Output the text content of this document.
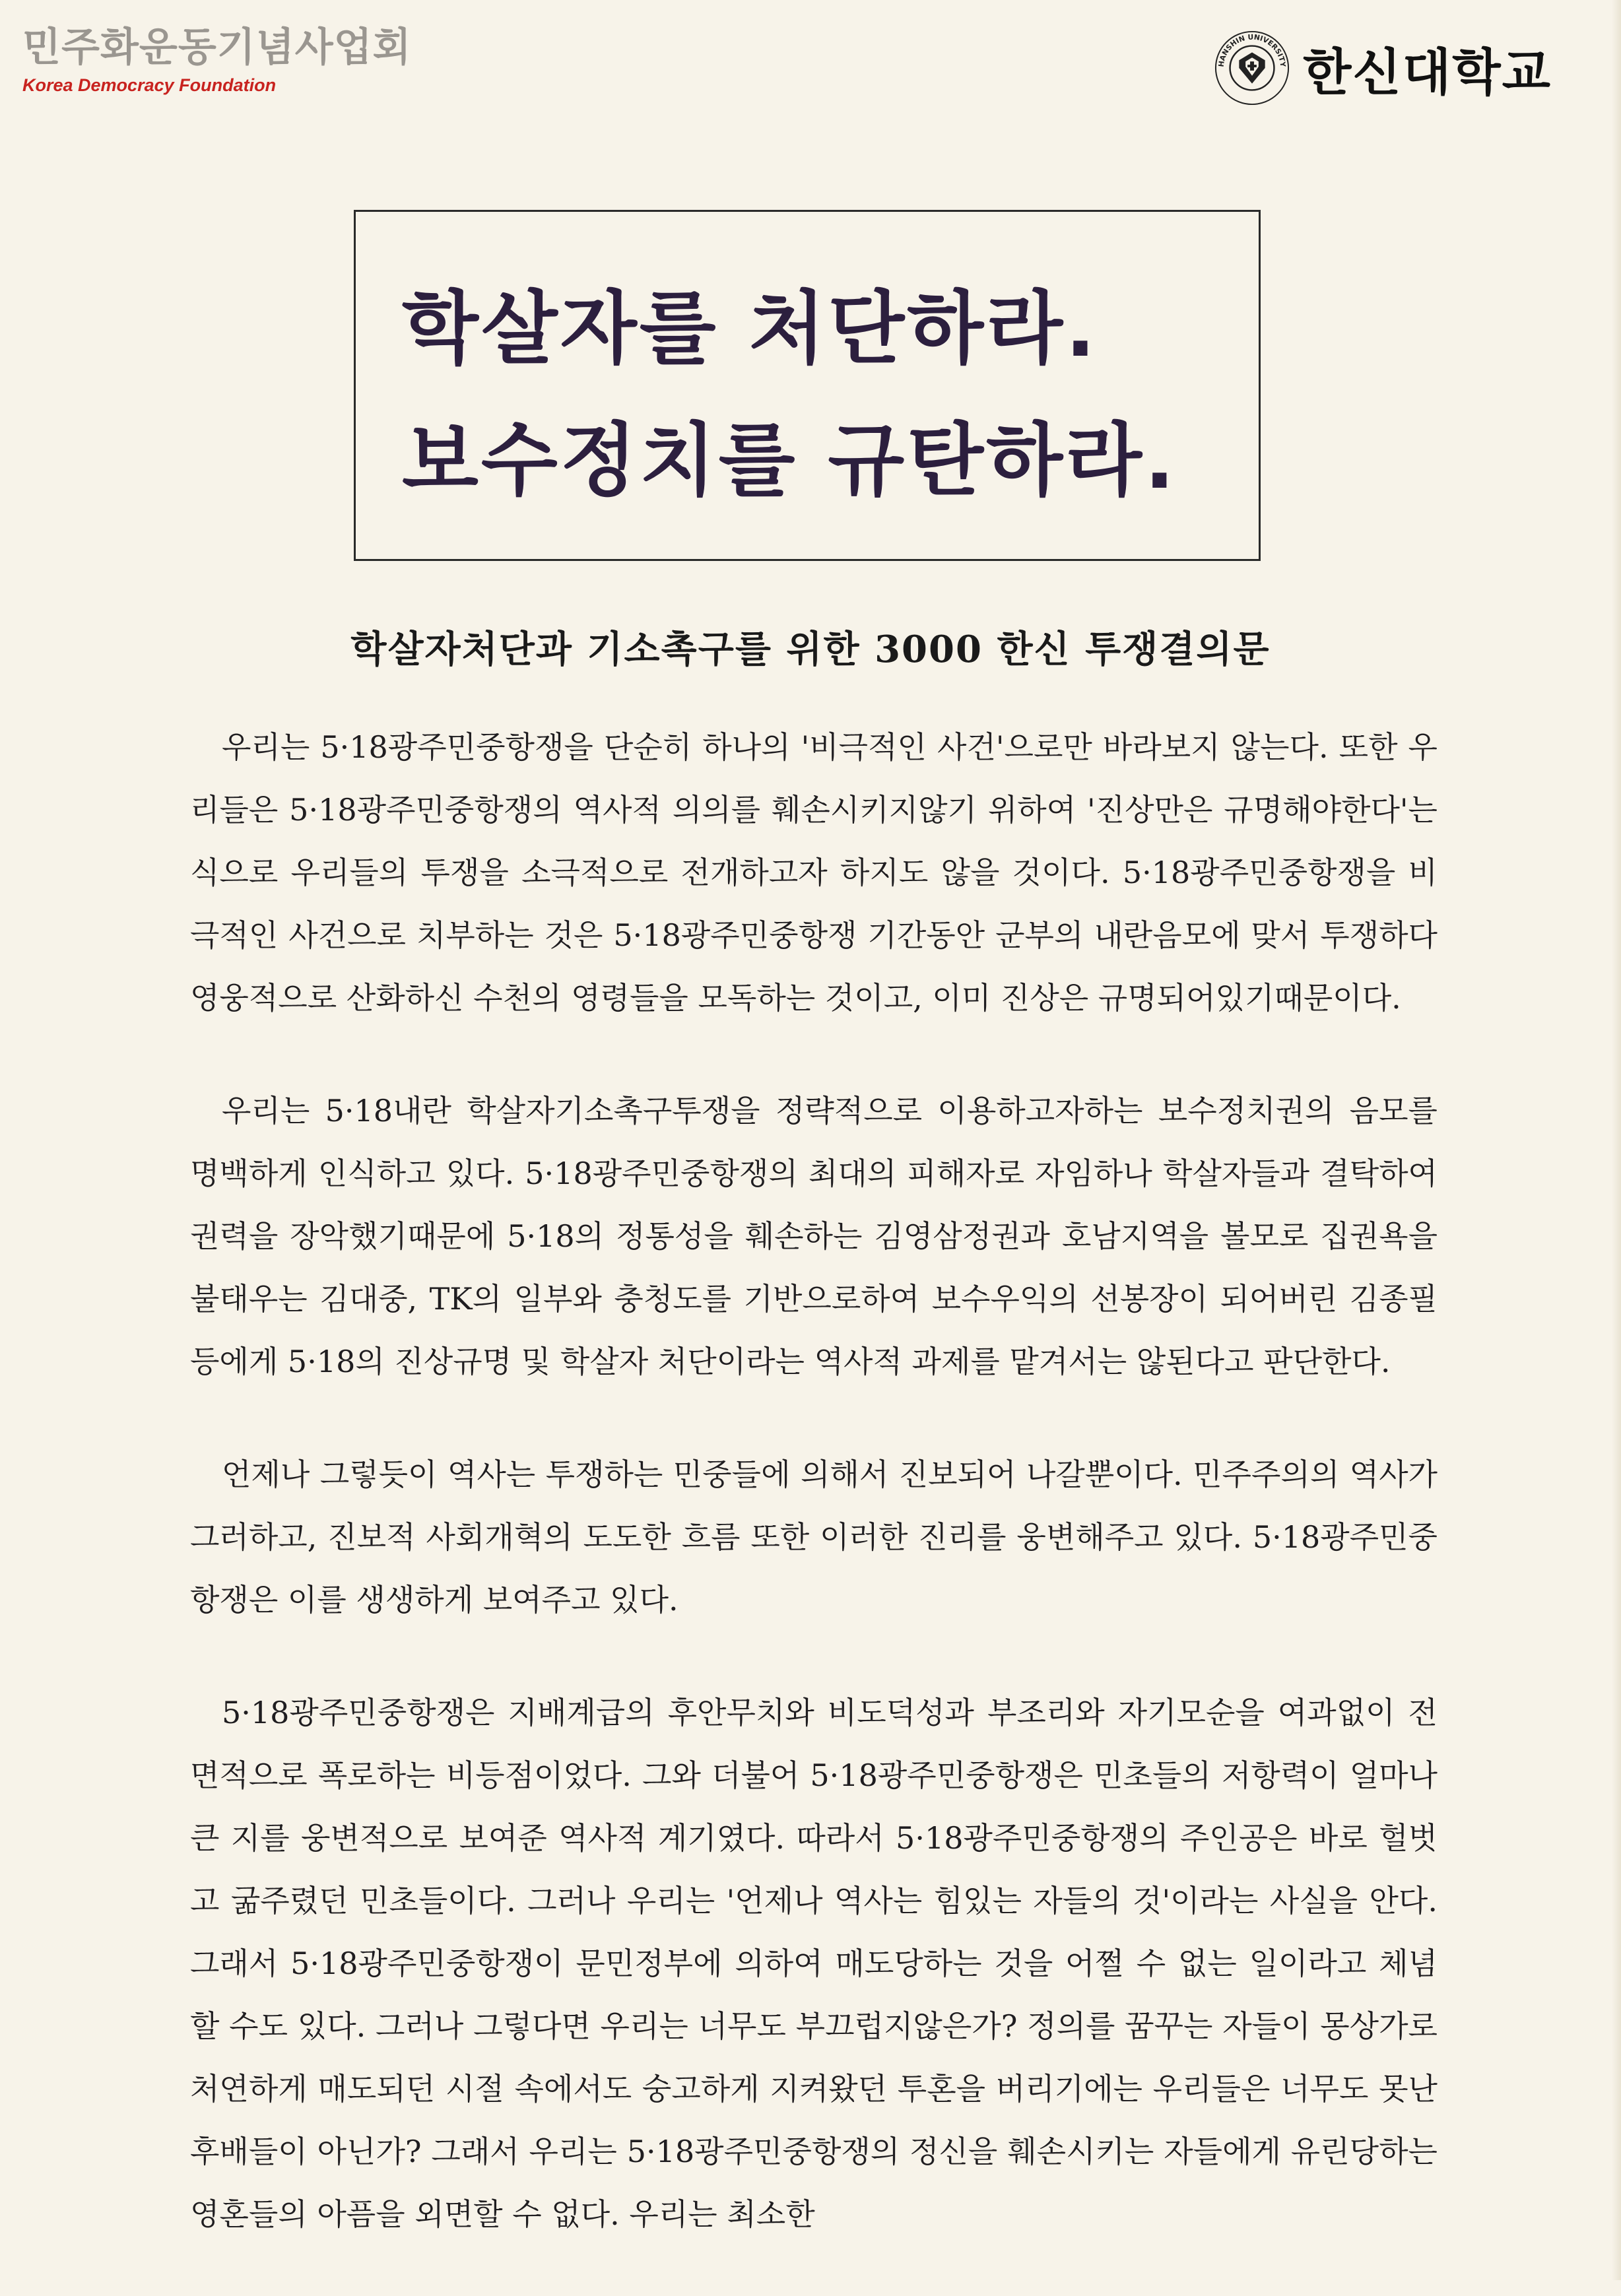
민주화운동기념사업회
Korea Democracy Foundation
HANSHIN UNIVERSITY 한신대학교
학살자를 처단하라.
보수정치를 규탄하라.
학살자처단과 기소촉구를 위한 3000 한신 투쟁결의문

우리는 5·18광주민중항쟁을 단순히 하나의 '비극적인 사건'으로만 바라보지 않는다. 또한 우리들은 5·18광주민중항쟁의 역사적 의의를 훼손시키지않기 위하여 '진상만은 규명해야한다'는 식으로 우리들의 투쟁을 소극적으로 전개하고자 하지도 않을 것이다. 5·18광주민중항쟁을 비극적인 사건으로 치부하는 것은 5·18광주민중항쟁 기간동안 군부의 내란음모에 맞서 투쟁하다 영웅적으로 산화하신 수천의 영령들을 모독하는 것이고, 이미 진상은 규명되어있기때문이다.

우리는 5·18내란 학살자기소촉구투쟁을 정략적으로 이용하고자하는 보수정치권의 음모를 명백하게 인식하고 있다. 5·18광주민중항쟁의 최대의 피해자로 자임하나 학살자들과 결탁하여 권력을 장악했기때문에 5·18의 정통성을 훼손하는 김영삼정권과 호남지역을 볼모로 집권욕을 불태우는 김대중, TK의 일부와 충청도를 기반으로하여 보수우익의 선봉장이 되어버린 김종필 등에게 5·18의 진상규명 및 학살자 처단이라는 역사적 과제를 맡겨서는 않된다고 판단한다.

언제나 그렇듯이 역사는 투쟁하는 민중들에 의해서 진보되어 나갈뿐이다. 민주주의의 역사가 그러하고, 진보적 사회개혁의 도도한 흐름 또한 이러한 진리를 웅변해주고 있다. 5·18광주민중항쟁은 이를 생생하게 보여주고 있다.

5·18광주민중항쟁은 지배계급의 후안무치와 비도덕성과 부조리와 자기모순을 여과없이 전면적으로 폭로하는 비등점이었다. 그와 더불어 5·18광주민중항쟁은 민초들의 저항력이 얼마나 큰 지를 웅변적으로 보여준 역사적 계기였다. 따라서 5·18광주민중항쟁의 주인공은 바로 헐벗고 굶주렸던 민초들이다. 그러나 우리는 '언제나 역사는 힘있는 자들의 것'이라는 사실을 안다. 그래서 5·18광주민중항쟁이 문민정부에 의하여 매도당하는 것을 어쩔 수 없는 일이라고 체념할 수도 있다. 그러나 그렇다면 우리는 너무도 부끄럽지않은가? 정의를 꿈꾸는 자들이 몽상가로 처연하게 매도되던 시절 속에서도 숭고하게 지켜왔던 투혼을 버리기에는 우리들은 너무도 못난 후배들이 아닌가? 그래서 우리는 5·18광주민중항쟁의 정신을 훼손시키는 자들에게 유린당하는 영혼들의 아픔을 외면할 수 없다. 우리는 최소한
